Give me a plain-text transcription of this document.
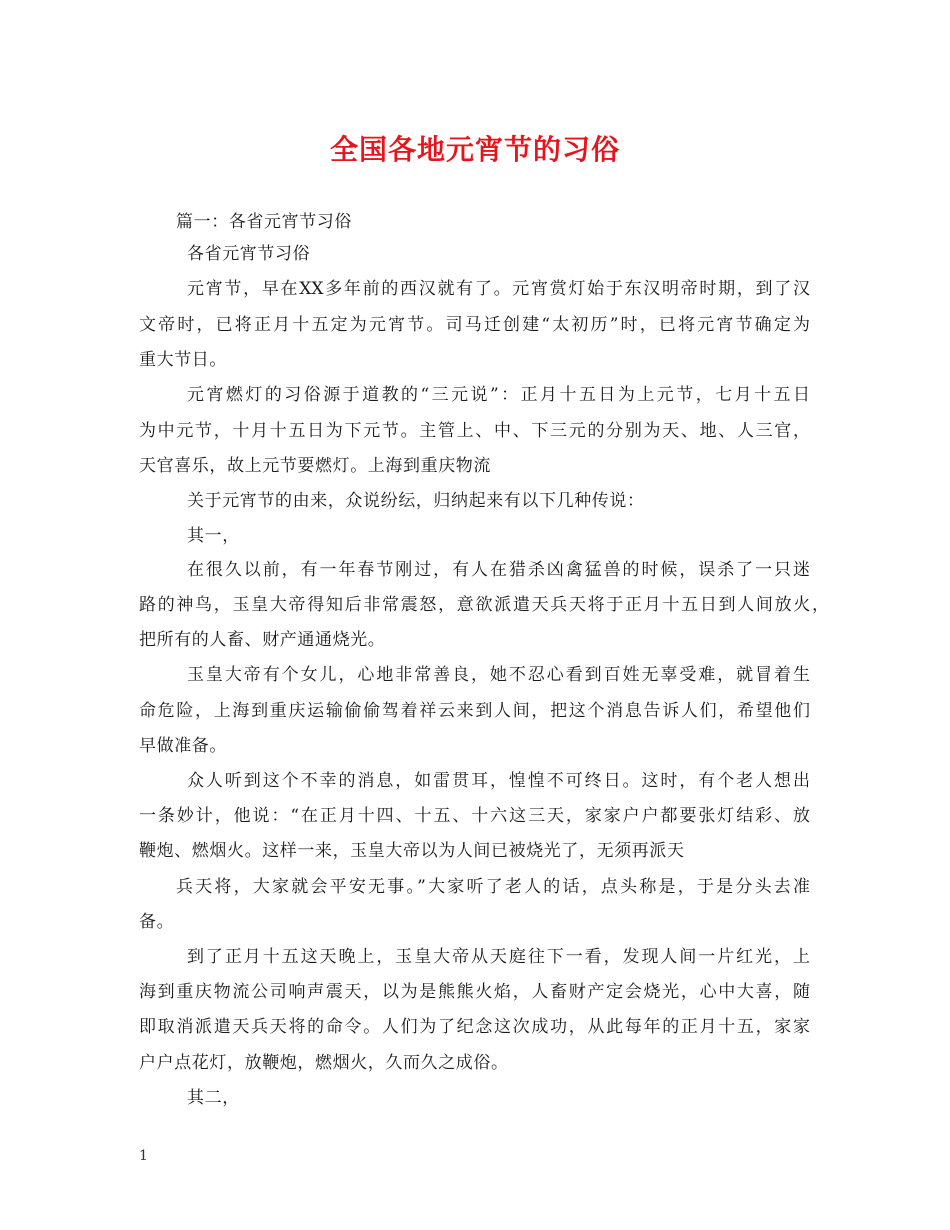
全国各地元宵节的习俗
篇一：各省元宵节习俗
各省元宵节习俗
元宵节，早在XX多年前的西汉就有了。元宵赏灯始于东汉明帝时期，到了汉
文帝时，已将正月十五定为元宵节。司马迁创建“太初历”时，已将元宵节确定为
重大节日。
元宵燃灯的习俗源于道教的“三元说”：正月十五日为上元节，七月十五日
为中元节，十月十五日为下元节。主管上、中、下三元的分别为天、地、人三官，
天官喜乐，故上元节要燃灯。上海到重庆物流
关于元宵节的由来，众说纷纭，归纳起来有以下几种传说：
其一，
在很久以前，有一年春节刚过，有人在猎杀凶禽猛兽的时候，误杀了一只迷
路的神鸟，玉皇大帝得知后非常震怒，意欲派遣天兵天将于正月十五日到人间放火，
把所有的人畜、财产通通烧光。
玉皇大帝有个女儿，心地非常善良，她不忍心看到百姓无辜受难，就冒着生
命危险，上海到重庆运输偷偷驾着祥云来到人间，把这个消息告诉人们，希望他们
早做准备。
众人听到这个不幸的消息，如雷贯耳，惶惶不可终日。这时，有个老人想出
一条妙计，他说：“在正月十四、十五、十六这三天，家家户户都要张灯结彩、放
鞭炮、燃烟火。这样一来，玉皇大帝以为人间已被烧光了，无须再派天
兵天将，大家就会平安无事。”大家听了老人的话，点头称是，于是分头去准
备。
到了正月十五这天晚上，玉皇大帝从天庭往下一看，发现人间一片红光，上
海到重庆物流公司响声震天，以为是熊熊火焰，人畜财产定会烧光，心中大喜，随
即取消派遣天兵天将的命令。人们为了纪念这次成功，从此每年的正月十五，家家
户户点花灯，放鞭炮，燃烟火，久而久之成俗。
其二，
1
